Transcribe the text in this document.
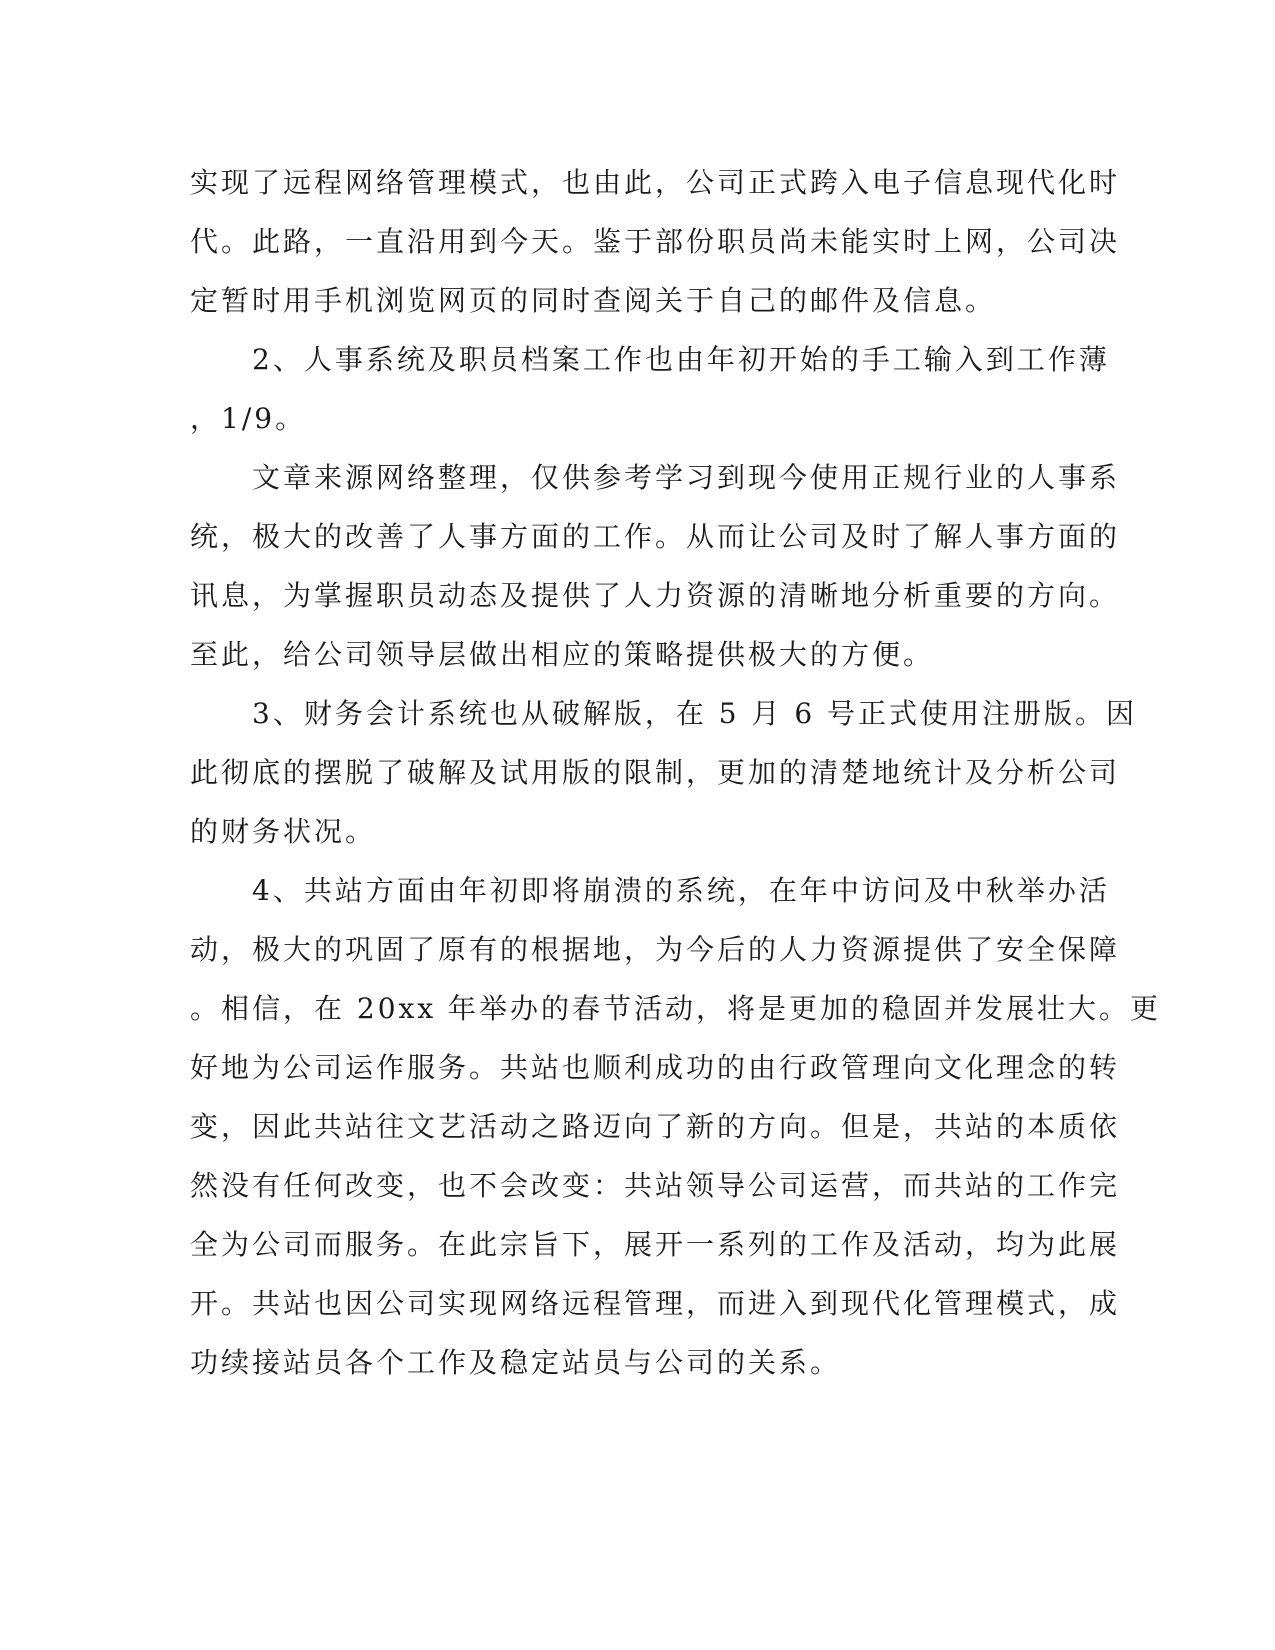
实现了远程网络管理模式，也由此，公司正式跨入电子信息现代化时
代。此路，一直沿用到今天。鉴于部份职员尚未能实时上网，公司决
定暂时用手机浏览网页的同时查阅关于自己的邮件及信息。
　　2、人事系统及职员档案工作也由年初开始的手工输入到工作薄
，1/9。
　　文章来源网络整理，仅供参考学习到现今使用正规行业的人事系
统，极大的改善了人事方面的工作。从而让公司及时了解人事方面的
讯息，为掌握职员动态及提供了人力资源的清晰地分析重要的方向。
至此，给公司领导层做出相应的策略提供极大的方便。
　　3、财务会计系统也从破解版，在 5 月 6 号正式使用注册版。因
此彻底的摆脱了破解及试用版的限制，更加的清楚地统计及分析公司
的财务状况。
　　4、共站方面由年初即将崩溃的系统，在年中访问及中秋举办活
动，极大的巩固了原有的根据地，为今后的人力资源提供了安全保障
。相信，在 20xx 年举办的春节活动，将是更加的稳固并发展壮大。更
好地为公司运作服务。共站也顺利成功的由行政管理向文化理念的转
变，因此共站往文艺活动之路迈向了新的方向。但是，共站的本质依
然没有任何改变，也不会改变：共站领导公司运营，而共站的工作完
全为公司而服务。在此宗旨下，展开一系列的工作及活动，均为此展
开。共站也因公司实现网络远程管理，而进入到现代化管理模式，成
功续接站员各个工作及稳定站员与公司的关系。
